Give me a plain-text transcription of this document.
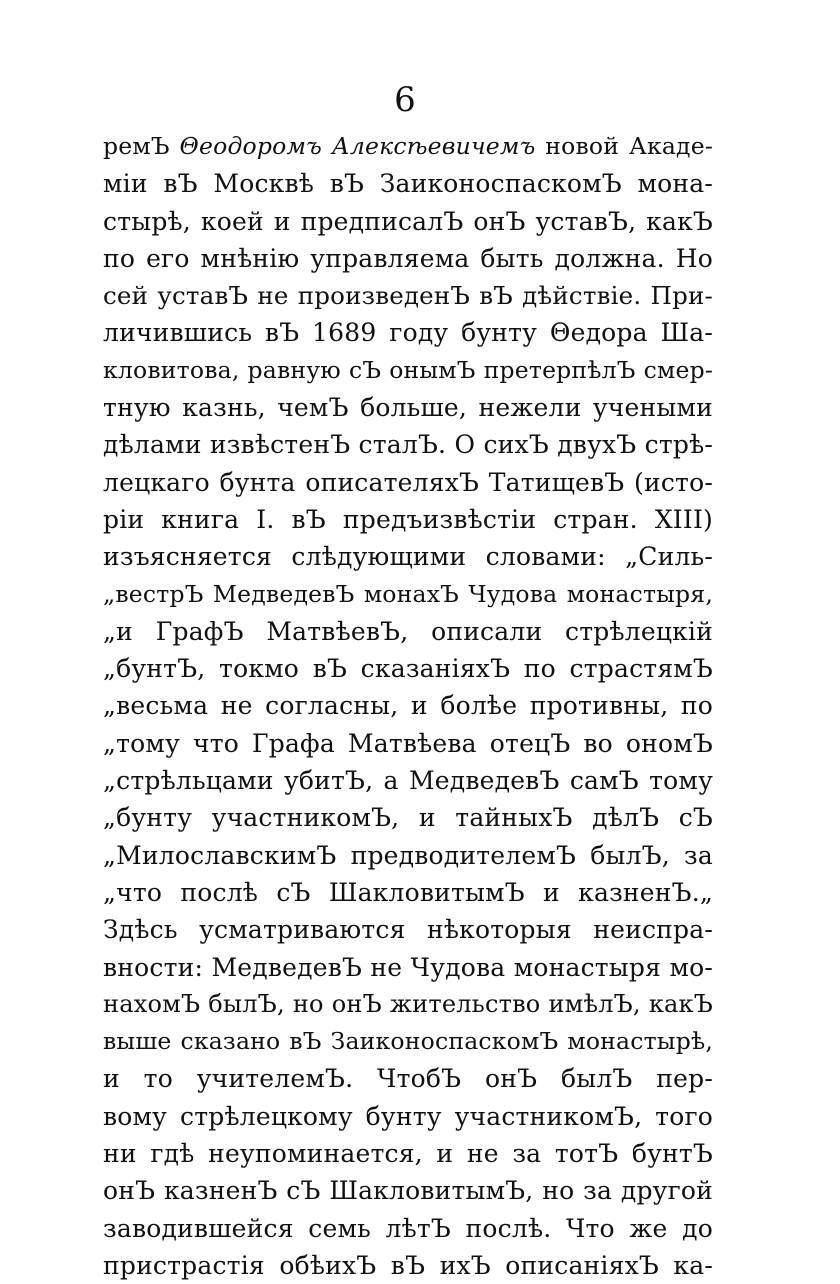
6
ремЪ Θеодоромъ Алексѣевичемъ новой Акаде-
міи вЪ Москвѣ вЪ ЗаиконоспаскомЪ мона-
стырѣ, коей и предписалЪ онЪ уставЪ, какЪ
по его мнѣнію управляема быть должна. Но
сей уставЪ не произведенЪ вЪ дѣйствіе. При-
личившись вЪ 1689 году бунту Θедора Ша-
кловитова, равную сЪ онымЪ претерпѣлЪ смер-
тную казнь, чемЪ больше, нежели учеными
дѣлами извѣстенЪ сталЪ. О сихЪ двухЪ стрѣ-
лецкаго бунта описателяхЪ ТатищевЪ (исто-
ріи книга I. вЪ предъизвѣстіи стран. XIII)
изъясняется слѣдующими словами: „Силь-
„вестрЪ МедведевЪ монахЪ Чудова монастыря,
„и ГрафЪ МатвѣевЪ, описали стрѣлецкій
„бунтЪ, токмо вЪ сказаніяхЪ по страстямЪ
„весьма не согласны, и болѣе противны, по
„тому что Графа Матвѣева отецЪ во ономЪ
„стрѣльцами убитЪ, а МедведевЪ самЪ тому
„бунту участникомЪ, и тайныхЪ дѣлЪ сЪ
„МилославскимЪ предводителемЪ былЪ, за
„что послѣ сЪ ШакловитымЪ и казненЪ.„
Здѣсь усматриваются нѣкоторыя неиспра-
вности: МедведевЪ не Чудова монастыря мо-
нахомЪ былЪ, но онЪ жительство имѣлЪ, какЪ
выше сказано вЪ ЗаиконоспаскомЪ монастырѣ,
и то учителемЪ. ЧтобЪ онЪ былЪ пер-
вому стрѣлецкому бунту участникомЪ, того
ни гдѣ неупоминается, и не за тотЪ бунтЪ
онЪ казненЪ сЪ ШакловитымЪ, но за другой
заводившейся семь лѣтЪ послѣ. Что же до
пристрастія обѣихЪ вЪ ихЪ описаніяхЪ ка-
